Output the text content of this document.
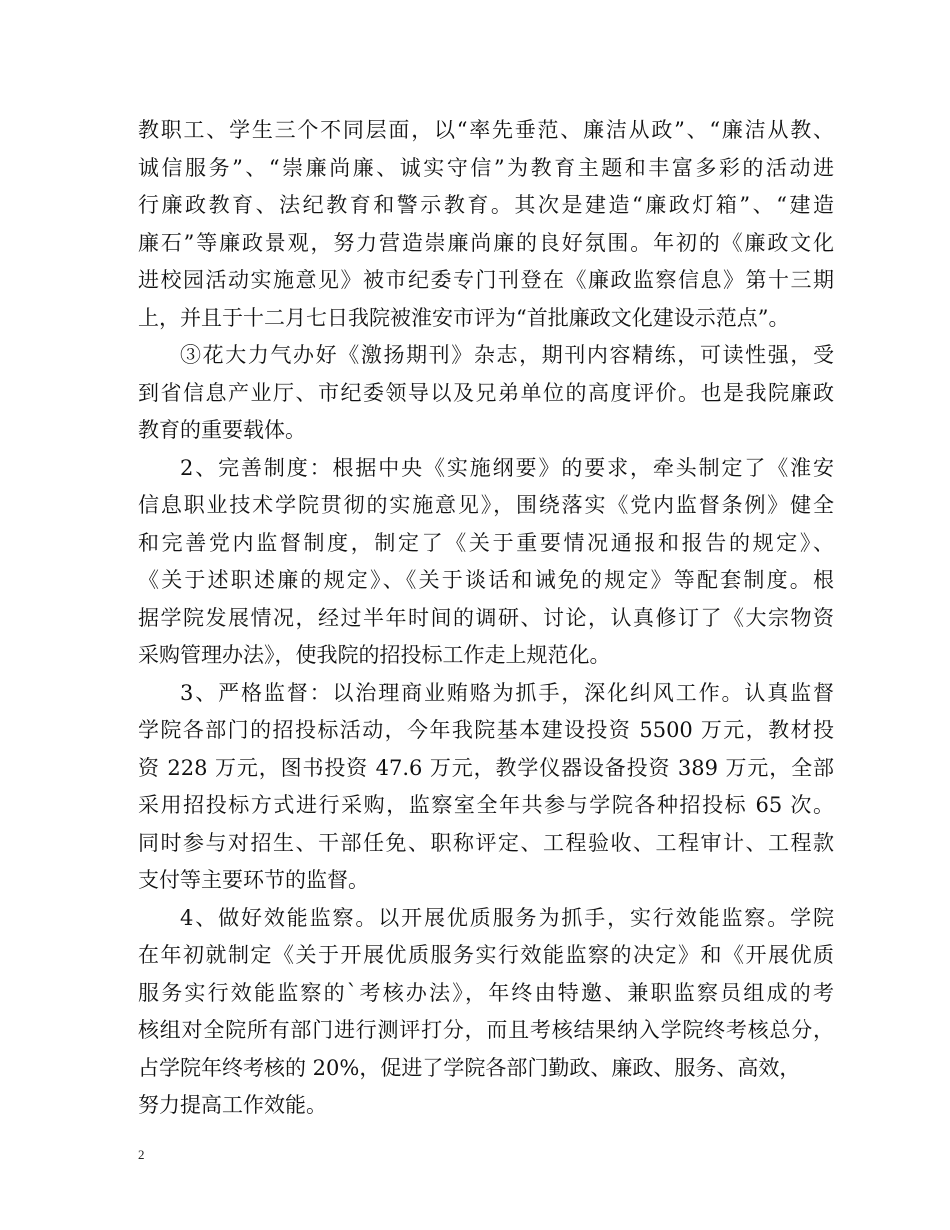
教职工、学生三个不同层面，以“率先垂范、廉洁从政”、“廉洁从教、
诚信服务”、“崇廉尚廉、诚实守信”为教育主题和丰富多彩的活动进
行廉政教育、法纪教育和警示教育。其次是建造“廉政灯箱”、“建造
廉石”等廉政景观，努力营造崇廉尚廉的良好氛围。年初的《廉政文化
进校园活动实施意见》被市纪委专门刊登在《廉政监察信息》第十三期
上，并且于十二月七日我院被淮安市评为“首批廉政文化建设示范点”。
③花大力气办好《激扬期刊》杂志，期刊内容精练，可读性强，受
到省信息产业厅、市纪委领导以及兄弟单位的高度评价。也是我院廉政
教育的重要载体。
2、完善制度：根据中央《实施纲要》的要求，牵头制定了《淮安
信息职业技术学院贯彻的实施意见》，围绕落实《党内监督条例》健全
和完善党内监督制度，制定了《关于重要情况通报和报告的规定》、
《关于述职述廉的规定》、《关于谈话和诫免的规定》等配套制度。根
据学院发展情况，经过半年时间的调研、讨论，认真修订了《大宗物资
采购管理办法》，使我院的招投标工作走上规范化。
3、严格监督：以治理商业贿赂为抓手，深化纠风工作。认真监督
学院各部门的招投标活动，今年我院基本建设投资 5500 万元，教材投
资 228 万元，图书投资 47.6 万元，教学仪器设备投资 389 万元，全部
采用招投标方式进行采购，监察室全年共参与学院各种招投标 65 次。
同时参与对招生、干部任免、职称评定、工程验收、工程审计、工程款
支付等主要环节的监督。
4、做好效能监察。以开展优质服务为抓手，实行效能监察。学院
在年初就制定《关于开展优质服务实行效能监察的决定》和《开展优质
服务实行效能监察的`考核办法》，年终由特邀、兼职监察员组成的考
核组对全院所有部门进行测评打分，而且考核结果纳入学院终考核总分，
占学院年终考核的 20%，促进了学院各部门勤政、廉政、服务、高效，
努力提高工作效能。
2
